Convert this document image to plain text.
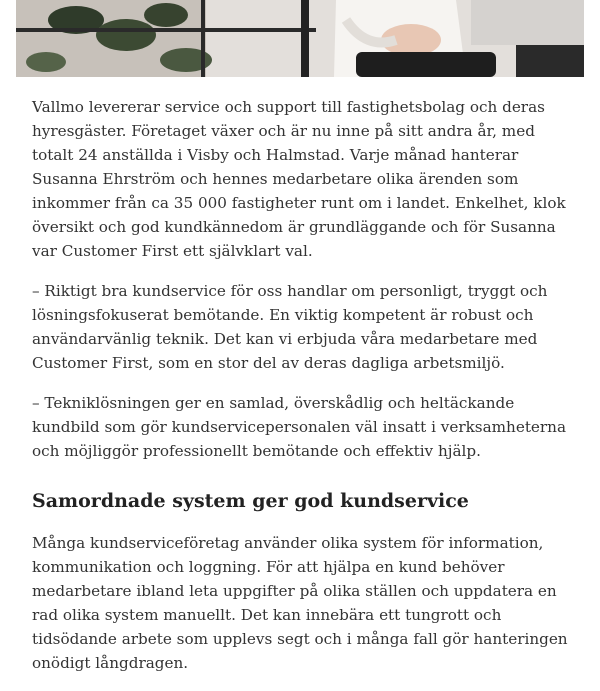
Vallmo levererar service och support till fastighetsbolag och deras hyresgäster. Företaget växer och är nu inne på sitt andra år, med totalt 24 anställda i Visby och Halmstad. Varje månad hanterar Susanna Ehrström och hennes medarbetare olika ärenden som inkommer från ca 35 000 fastigheter runt om i landet. Enkelhet, klok översikt och god kundkännedom är grundläggande och för Susanna var Customer First ett självklart val.

– Riktigt bra kundservice för oss handlar om personligt, tryggt och lösningsfokuserat bemötande. En viktig kompetent är robust och användarvänlig teknik. Det kan vi erbjuda våra medarbetare med Customer First, som en stor del av deras dagliga arbetsmiljö.

– Tekniklösningen ger en samlad, överskådlig och heltäckande kundbild som gör kundservicepersonalen väl insatt i verksamheterna och möjliggör professionellt bemötande och effektiv hjälp.

Samordnade system ger god kundservice

Många kundserviceföretag använder olika system för information, kommunikation och loggning. För att hjälpa en kund behöver medarbetare ibland leta uppgifter på olika ställen och uppdatera en rad olika system manuellt. Det kan innebära ett tungrott och tidsödande arbete som upplevs segt och i många fall gör hanteringen onödigt långdragen.
